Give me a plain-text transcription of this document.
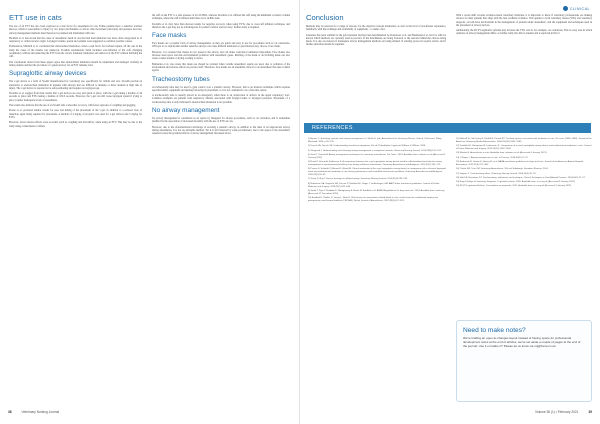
ETT use in cats

The use of an ETT has also been explored as a risk factor for anaesthesia in cats. Feline patients have a sensitive tracheal mucosa, which is susceptible to injury by two major mechanisms of action: tube movement (abrasion) and pressure necrosis. Airway management methods must therefore be planned and maintained with care.

Brodbelt et al. discovered that the cause of anaesthetic death in cats that had been intubated was more often categorised as of respiratory or cardiovascular origin. Laryngeal trauma, spasm and oedema were suggested as common possible causes.

Furthermore, Mitchell et al. concluded that endotracheal intubation carries a risk factor for tracheal rupture. Of the cats in the study the cause of the trauma was unknown. Possible explanations listed included over-inflation of the cuff, changing recumbency without disconnecting the ETT from the circuit, traumatic intubation and removal of the ETT without deflating the cuff.

The conclusions drawn from these papers agree that endotracheal intubation should be undertaken and managed carefully in feline patients and that the provision of a patent airway via an ETT remains vital.

Supraglottic airway devices

The v-gel device is a form of SGAD manufactured for veterinary use, specifically for rabbits and cats. SGADs provide an alternative to endotracheal intubation in patients with airways that are difficult to intubate or those deemed at high risk of injury. The v-gel device is reported to be self-positioning and requires no laryngoscope.

Doolittle et al. suggest from their results that v-gel devices are easy and quick to place, with the v-gel taking a median of 44 seconds to place and ETTs taking a median of 100.0 seconds. However, the v-gel can still cause laryngeal spasm if trying to place it under inadequate levels of anaesthesia.

The results also indicate that the use of an SGAD aids a smoother recovery, with fewer episodes of coughing and gagging.

Prasse et al. produced similar results for ease and timing of the placement of the v-gel, in addition to a reduced dose of induction agent being required for placement. A median of 3 mg/kg of propofol was used for v-gel devices and 5 mg/kg for ETTs.

However, fewer adverse effects were recorded, such as coughing and discomfort, when using an ETT. This may be due to the study using a manometer to inflate

the cuff on the ETT to a safe pressure of 20 cm H2O, whereas Doolittle et al. inflated the cuff using the minimum occlusive volume technique, where the cuff is inflated until there is no audible leak.

Doolittle et al. may have then showed results for negative recovery when using ETTs, due to over-cuff inflation technique, and therefore the v-gel may not be advantageous for patient comfort and recovery; further study is required.

Face masks

Face masks are a popular form of airway management, as they are quick and easy to use for procedures such as cat castrations. O'Dwyer et al. explain that smaller sensitive airways can cause difficult intubation so practitioners may choose a face mask.

However, it is stressed that masks do not preserve the airway and can make controlled ventilation impossible. Face masks also increase dead space and risk environmental pollution with anaesthetic gases. Rubbing of the mask or an ill-fitting mask can also cause corneal trauma or drying, leading to ulcers.

Bednarski et al. also stress that mask use should be avoided when volatile anaesthetic agents are used, due to pollution of the environment and adverse effects on practice staff. Therefore, face masks are an unsuitable choice for an anaesthetic that uses volatile agents.

Tracheostomy tubes

A tracheostomy tube may be used to gain control over a patient's airway. However, this is an invasive technique which requires specialist skills, equipment and nursing following its placement, so it is not considered to be a first-line option.

A tracheostomy tube is usually placed in an emergency when there is an obstruction of airflow in the upper respiratory tract. Common examples are patients with respiratory distress associated with foreign bodies or laryngeal paralysis. Placement of a tracheostomy tube is only indicated if endotracheal intubation is not possible.

No airway management

No airway management is considered as an option by Shepperd for shorter procedures, such as cat castration, and is sometimes justified by the association of increased mortality with the use of ETTs in cats.

However, due to the aforementioned advantage of securing a patient's airway, in addition to the risks of an unprotected airway during anaesthesia, it is not an advisable method. Yet it is still selected by some practitioners, due to the speed of the anaesthetic required versus the potential effects of airway management discussed above.

38	Veterinary Nursing Journal
CLINICAL
Conclusion

Methods may be selected for a range of reasons: for the objective reasons mentioned, as well as the level of practitioner experience, familiarity with the technique and availability of equipment – to name a few.

Literature has been outlined as the gold standard and has been benchmarked by Robertson et al. and Bednarski et al. but it is still not known which methods are currently used in practice. If the benchmarks are being followed or the reasons behind the choices being made. It is also not known if inadequate airway management methods are being utilised. If existing protocols require review and if further education should be supplied.

With a recent shift towards evidence-based veterinary medicine, it is important to know if veterinary professionals are making choices for their patients that align with the best available evidence. This applies to both veterinary nurses (VNs) and veterinary surgeons, as both have involvement in the management of patients under anaesthetic, and the equipment and techniques used in the placement of airway devices.

Additionally, the RCVS legislative reforms may increase the VN's role in, for example, cat castrations. This is a key area in which opinions on airway management differ, so further study into this is prudent and is explored in Part 2.

REFERENCES

1) Aarnes C. Breathing systems and airway management. In: Welsh E, (ed.) Anaesthesia for Veterinary Nurses. 2nd ed. Chichester: Wiley-Blackwell; 2009. p.99–126.

2) Dorsch JA, Dorsch SE. Understanding anesthesia equipment. 5th ed. Philadelphia: Lippincott Williams & Wilkins; 2008.

3) Sheppard J. Understanding and choosing airway management in companion animals. Veterinary Nursing Journal. 2013;28(6):191–194.

4) Steel T, Vemula A. Airway management techniques for veterinary anaesthesia. Vet Times. 2019. Available from: vettimes.co.uk [Accessed 5 January 2021].

5) Ruud K, Krarup A, Steffensen K. A comparison between the v-gel supraglottic airway device and the cuffed endotracheal tube for airway management in spontaneously breathing cats during isoflurane anaesthesia. Veterinary Anaesthesia and Analgesia. 2015;42(2):165–172.

6) Prasse S, Schmidt V, Meinert E, Wendt M. Clinical evaluation of the v-gel supraglottic airway device in comparison with a classical laryngeal mask and endotracheal intubation in cats during spontaneous and controlled mechanical ventilation. Veterinary Anaesthesia and Analgesia. 2016;43(1):55–62.

7) Gilroy D, Roy T. How to manage an inflated airway. Veterinary Nursing Journal. 2016;31(8):239–242.

8) Robertson SA, Gogolski SM, Pascoe P, Shafford HL, Sager J, Griffenhagen GM. AAFP feline anesthesia guidelines. Journal of Feline Medicine and Surgery. 2018;20(7):602–634.

9) Smith T, Dyer T, Brodbelt D, Montgomery E, Bentz M. Brodbelt et al. AVA/DVA guidelines for dogs and cats. 2018. Available from: aaha.org [Accessed 17 December 2020].

10) Brodbelt D, Pfeiffer D, Young L, Wood J. Risk factors for anaesthetic-related death in cats: results from the confidential enquiry into perioperative small animal fatalities (CEPSAF). British Journal of Anaesthesia. 2007;99(5):617–623.

11) Mitchell SL, McCarthy R, Rudloff E, Pernell RT. Tracheal rupture associated with intubation in cats: 20 cases (1996–1998). Journal of the American Veterinary Medical Association. 2000;216(10):1592–1595.

12) Doolittle HL, Hemmings M, Lieberman JL. Comparison of a novel supraglottic airway device and endotracheal intubation in cats. Journal of Feline Medicine and Surgery. 2013;15(12):1052–1056.

13) Meaker B. Anaesthesia in cats. Available from: vettimes.co.uk [Accessed 4 January 2021].

14) O'Dwyer L. Airway emergencies in cats. In Practice. 2018;40(2):57–67.

15) Bednarski R, Grimm K, Harvey R, et al. AAHA anesthesia guidelines for dogs and cats. Journal of the American Animal Hospital Association. 2011;47(6):377–385.

16) Clarke KW, Trim CM. Veterinary Anaesthesia. 11th ed. Edinburgh: Saunders Elsevier; 2014.

17) Hughes L. Tracheostomy tubes. Veterinary Nursing Journal. 2009;24(5):20–23.

18) Holt DE, Brockman DJ. Tracheostomy: indications and technique. Clinical Techniques in Small Animal Practice. 2003;18(1):21–27.

19) Royal College of Veterinary Surgeons. Legislative reform. 2020. Available from: rcvs.org.uk [Accessed 3 January 2021].

20) RCVS Legislation Reform. Consultation on proposals. 2021. Available from: rcvs.org.uk [Accessed 3 January 2021].

Need to make notes?
We're trialling an open-to-changes layout instead of having space for professional development notes at the end of articles, we've set aside a couple of pages at the end of the journal. Use it or loathe it? Please let us know via vnj@bvna.co.uk
Volume 36 (1) • February 2021	39
